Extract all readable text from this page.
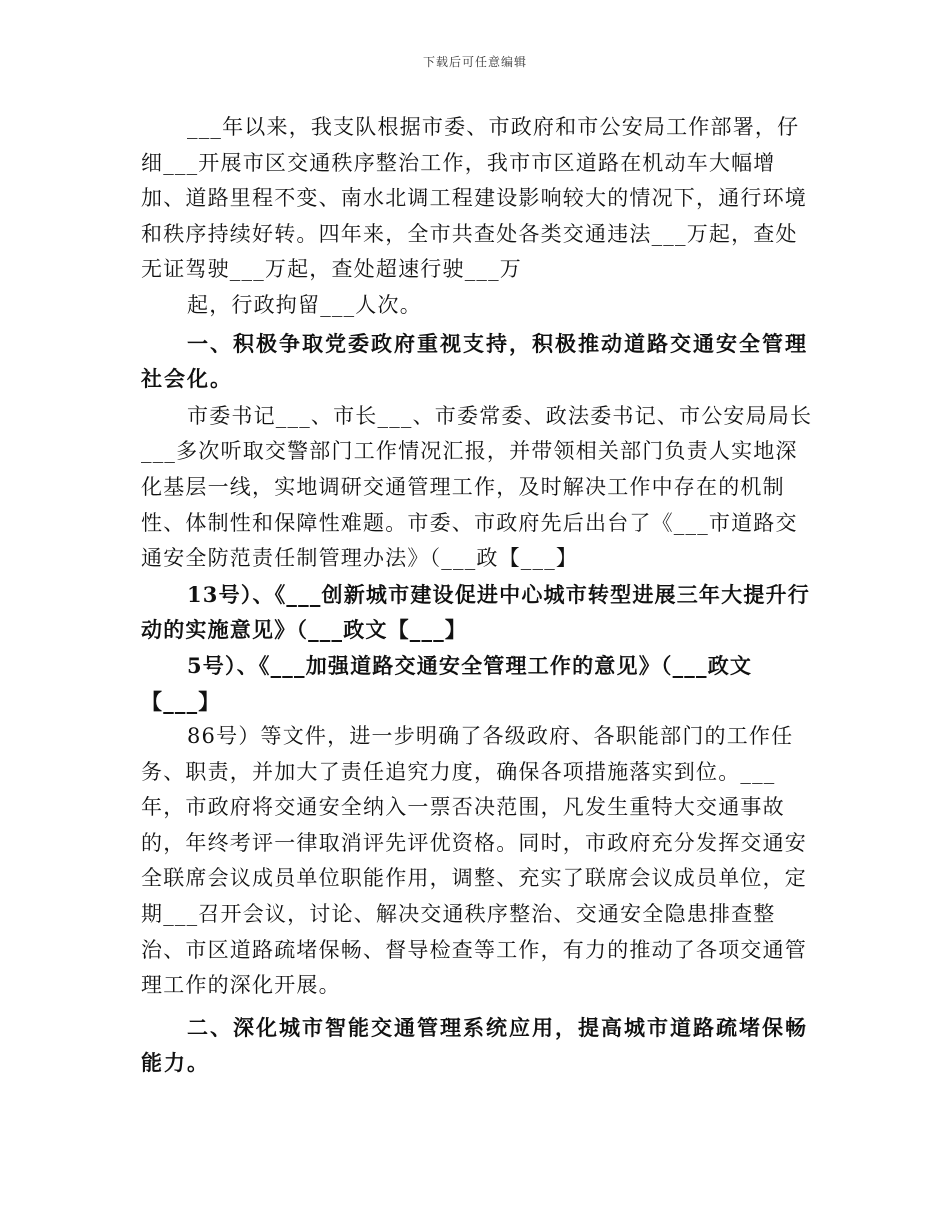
下载后可任意编辑

___年以来，我支队根据市委、市政府和市公安局工作部署，仔细___开展市区交通秩序整治工作，我市市区道路在机动车大幅增加、道路里程不变、南水北调工程建设影响较大的情况下，通行环境和秩序持续好转。四年来，全市共查处各类交通违法___万起，查处无证驾驶___万起，查处超速行驶___万

起，行政拘留___人次。

一、积极争取党委政府重视支持，积极推动道路交通安全管理社会化。

市委书记___、市长___、市委常委、政法委书记、市公安局局长___多次听取交警部门工作情况汇报，并带领相关部门负责人实地深化基层一线，实地调研交通管理工作，及时解决工作中存在的机制性、体制性和保障性难题。市委、市政府先后出台了《___市道路交通安全防范责任制管理办法》（___政【___】

13号）、《___创新城市建设促进中心城市转型进展三年大提升行动的实施意见》（___政文【___】

5号）、《___加强道路交通安全管理工作的意见》（___政文【___】

86号）等文件，进一步明确了各级政府、各职能部门的工作任务、职责，并加大了责任追究力度，确保各项措施落实到位。___年，市政府将交通安全纳入一票否决范围，凡发生重特大交通事故的，年终考评一律取消评先评优资格。同时，市政府充分发挥交通安全联席会议成员单位职能作用，调整、充实了联席会议成员单位，定期___召开会议，讨论、解决交通秩序整治、交通安全隐患排查整治、市区道路疏堵保畅、督导检查等工作，有力的推动了各项交通管理工作的深化开展。

二、深化城市智能交通管理系统应用，提高城市道路疏堵保畅能力。
